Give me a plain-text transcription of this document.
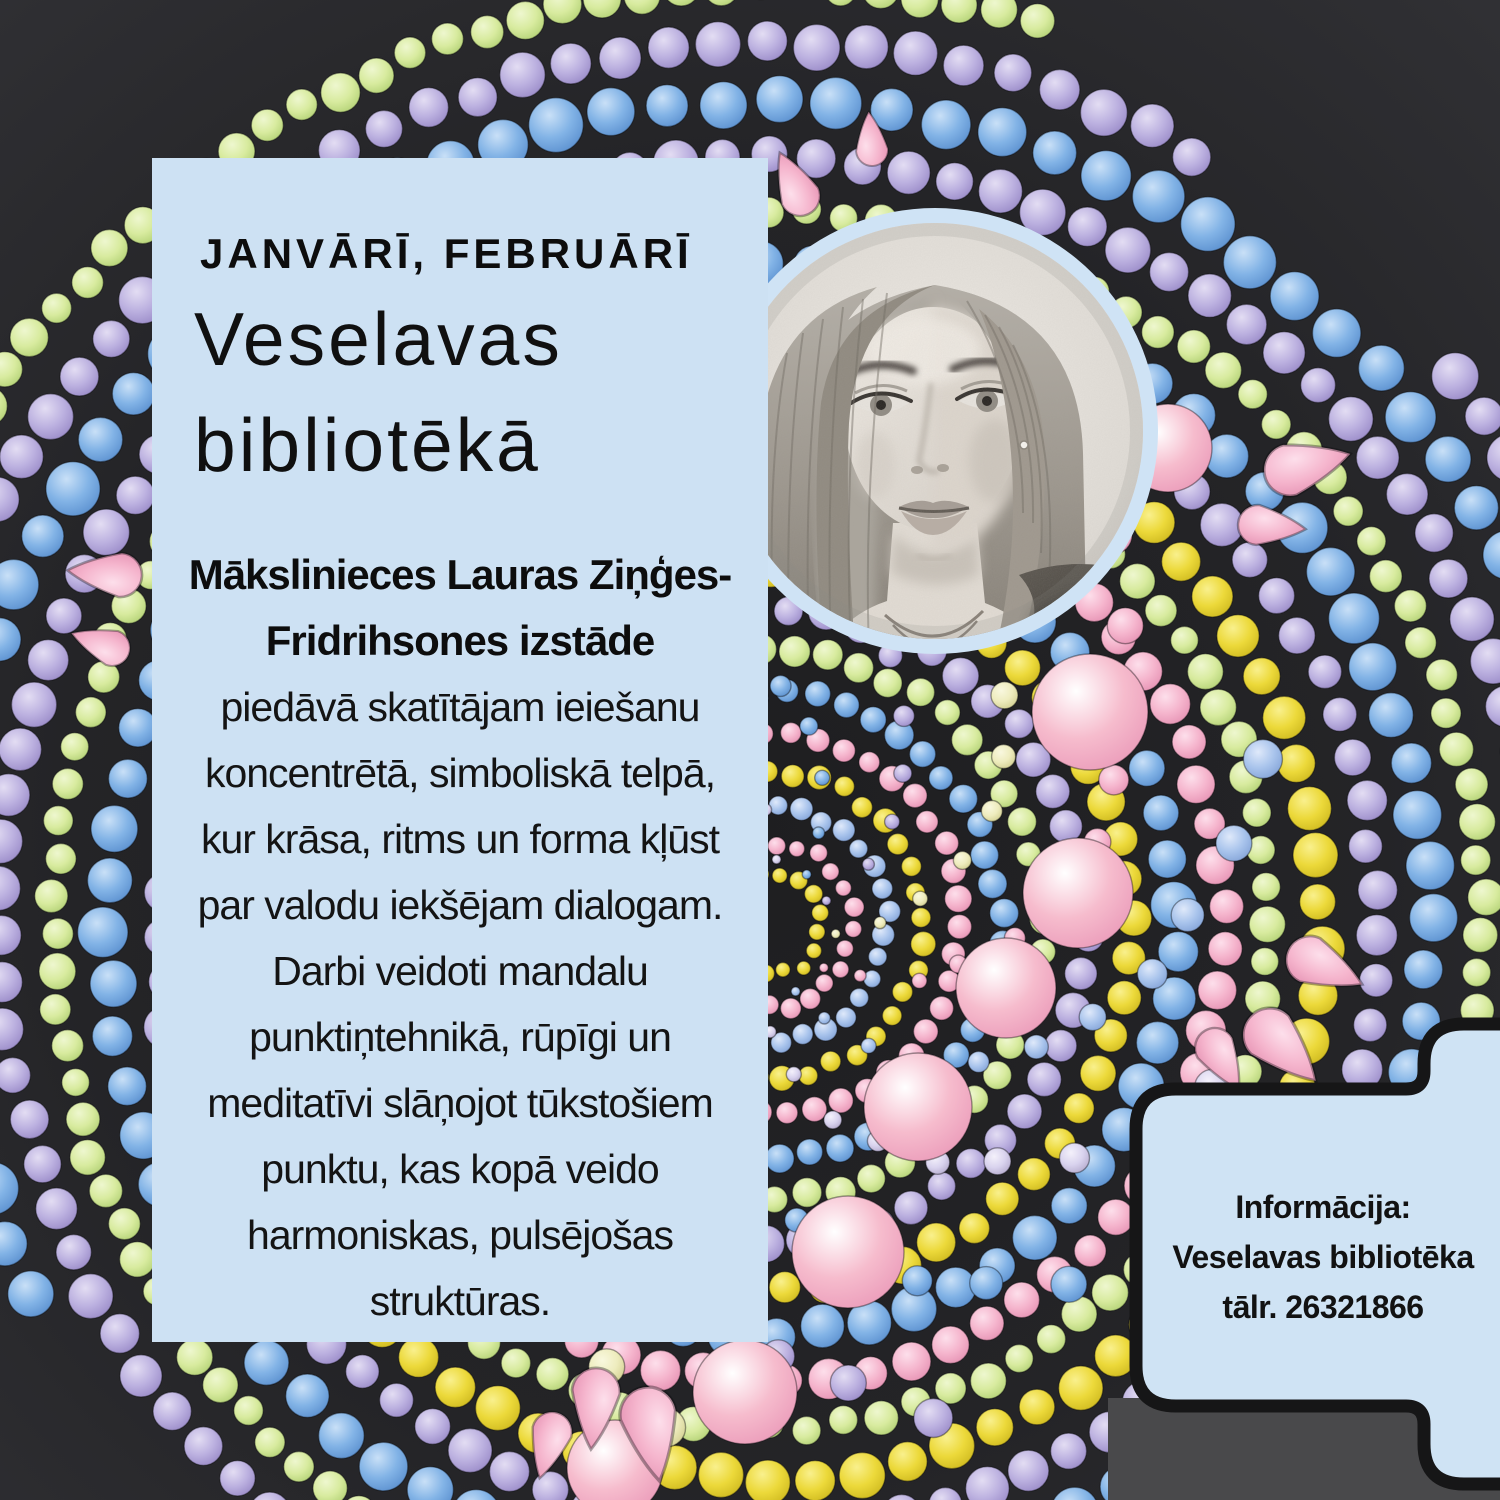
JANVĀRĪ, FEBRUĀRĪ
Veselavas bibliotēkā
Mākslinieces Lauras Ziņģes-
Fridrihsones izstāde
piedāvā skatītājam ieiešanu
koncentrētā, simboliskā telpā,
kur krāsa, ritms un forma kļūst
par valodu iekšējam dialogam.
Darbi veidoti mandalu
punktiņtehnikā, rūpīgi un
meditatīvi slāņojot tūkstošiem
punktu, kas kopā veido
harmoniskas, pulsējošas
struktūras.
Informācija:
Veselavas bibliotēka
tālr. 26321866
